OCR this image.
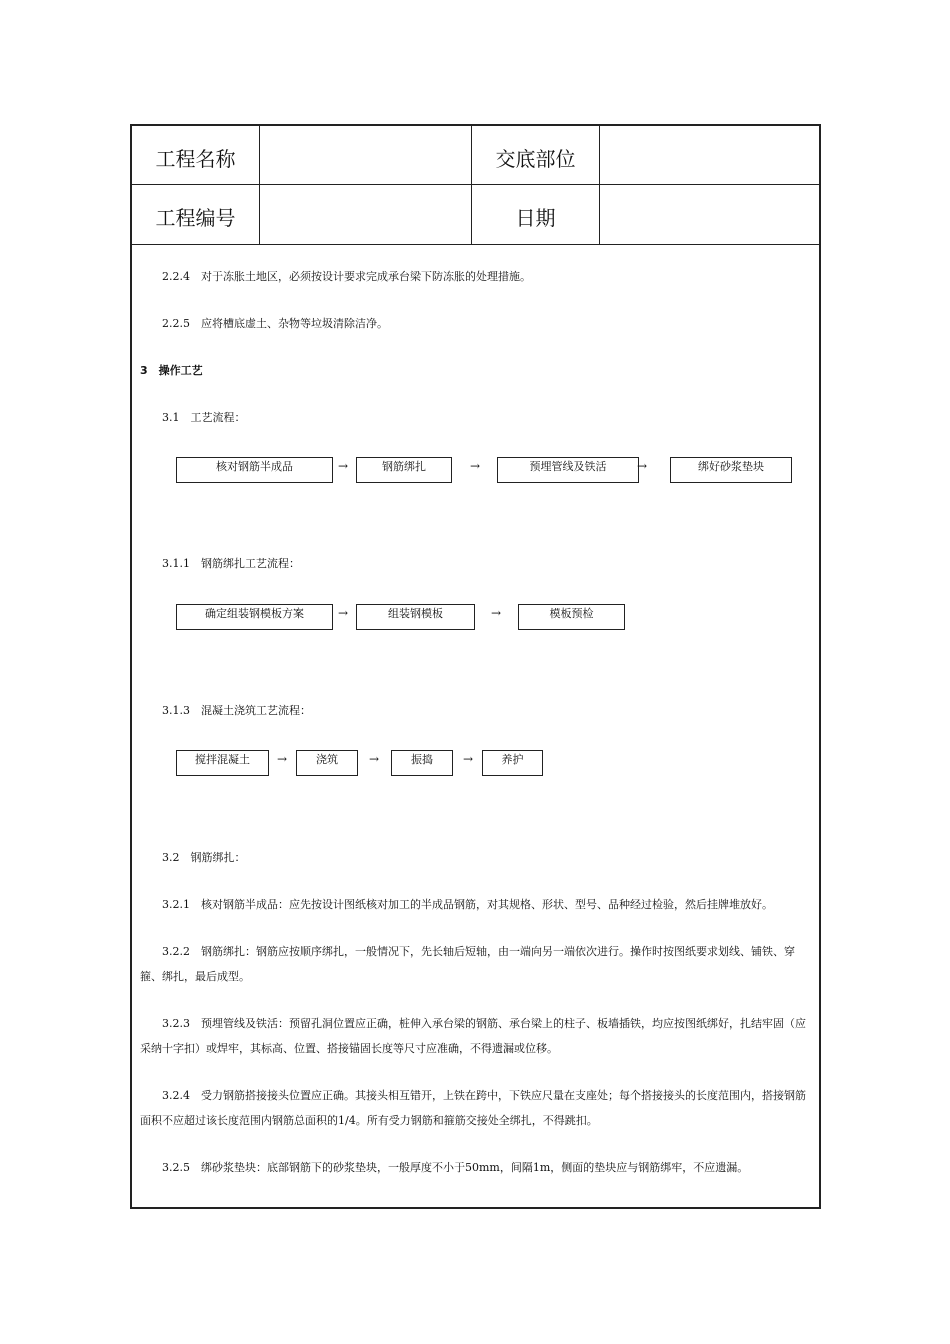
工程名称	交底部位
工程编号	日期
2.2.4　对于冻胀土地区，必须按设计要求完成承台梁下防冻胀的处理措施。
2.2.5　应将槽底虚土、杂物等垃圾清除洁净。
3　操作工艺
3.1　工艺流程：
核对钢筋半成品	→	钢筋绑扎	→	预埋管线及铁活	→	绑好砂浆垫块
3.1.1　钢筋绑扎工艺流程：
确定组装钢模板方案	→	组装钢模板	→	模板预检
3.1.3　混凝土浇筑工艺流程：
搅拌混凝土	→	浇筑	→	振捣	→	养护
3.2　钢筋绑扎：
3.2.1　核对钢筋半成品：应先按设计图纸核对加工的半成品钢筋，对其规格、形状、型号、品种经过检验，然后挂牌堆放好。
3.2.2　钢筋绑扎：钢筋应按顺序绑扎，一般情况下，先长轴后短轴，由一端向另一端依次进行。操作时按图纸要求划线、铺铁、穿
箍、绑扎，最后成型。
3.2.3　预埋管线及铁活：预留孔洞位置应正确，桩伸入承台梁的钢筋、承台梁上的柱子、板墙插铁，均应按图纸绑好，扎结牢固（应
采纳十字扣）或焊牢，其标高、位置、搭接锚固长度等尺寸应准确，不得遗漏或位移。
3.2.4　受力钢筋搭接接头位置应正确。其接头相互错开，上铁在跨中，下铁应尺量在支座处；每个搭接接头的长度范围内，搭接钢筋
面积不应超过该长度范围内钢筋总面积的1/4。所有受力钢筋和箍筋交接处全绑扎，不得跳扣。
3.2.5　绑砂浆垫块：底部钢筋下的砂浆垫块，一般厚度不小于50mm，间隔1m，侧面的垫块应与钢筋绑牢，不应遗漏。
